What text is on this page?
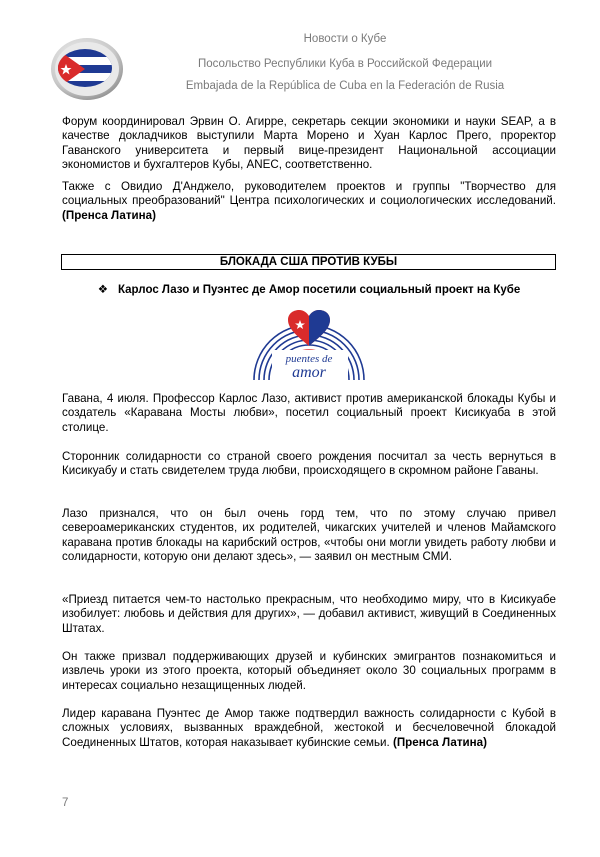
Новости о Кубе
Посольство Республики Куба в Российской Федерации
Embajada de la República de Cuba en la Federación de Rusia

Форум координировал Эрвин О. Агирре, секретарь секции экономики и науки SEAP, а в качестве докладчиков выступили Марта Морено и Хуан Карлос Прего, проректор Гаванского университета и первый вице-президент Национальной ассоциации экономистов и бухгалтеров Кубы, ANEC, соответственно.

Также с Овидио Д'Анджело, руководителем проектов и группы "Творчество для социальных преобразований" Центра психологических и социологических исследований. (Пренса Латина)

БЛОКАДА США ПРОТИВ КУБЫ
❖ Карлос Лазо и Пуэнтес де Амор посетили социальный проект на Кубе
puentes de
amor

Гавана, 4 июля. Профессор Карлос Лазо, активист против американской блокады Кубы и создатель «Каравана Мосты любви», посетил социальный проект Кисикуаба в этой столице.

Сторонник солидарности со страной своего рождения посчитал за честь вернуться в Кисикуабу и стать свидетелем труда любви, происходящего в скромном районе Гаваны.

Лазо признался, что он был очень горд тем, что по этому случаю привел североамериканских студентов, их родителей, чикагских учителей и членов Майамского каравана против блокады на карибский остров, «чтобы они могли увидеть работу любви и солидарности, которую они делают здесь», — заявил он местным СМИ.

«Приезд питается чем-то настолько прекрасным, что необходимо миру, что в Кисикуабе изобилует: любовь и действия для других», — добавил активист, живущий в Соединенных Штатах.

Он также призвал поддерживающих друзей и кубинских эмигрантов познакомиться и извлечь уроки из этого проекта, который объединяет около 30 социальных программ в интересах социально незащищенных людей.

Лидер каравана Пуэнтес де Амор также подтвердил важность солидарности с Кубой в сложных условиях, вызванных враждебной, жестокой и бесчеловечной блокадой Соединенных Штатов, которая наказывает кубинские семьи. (Пренса Латина)

7
